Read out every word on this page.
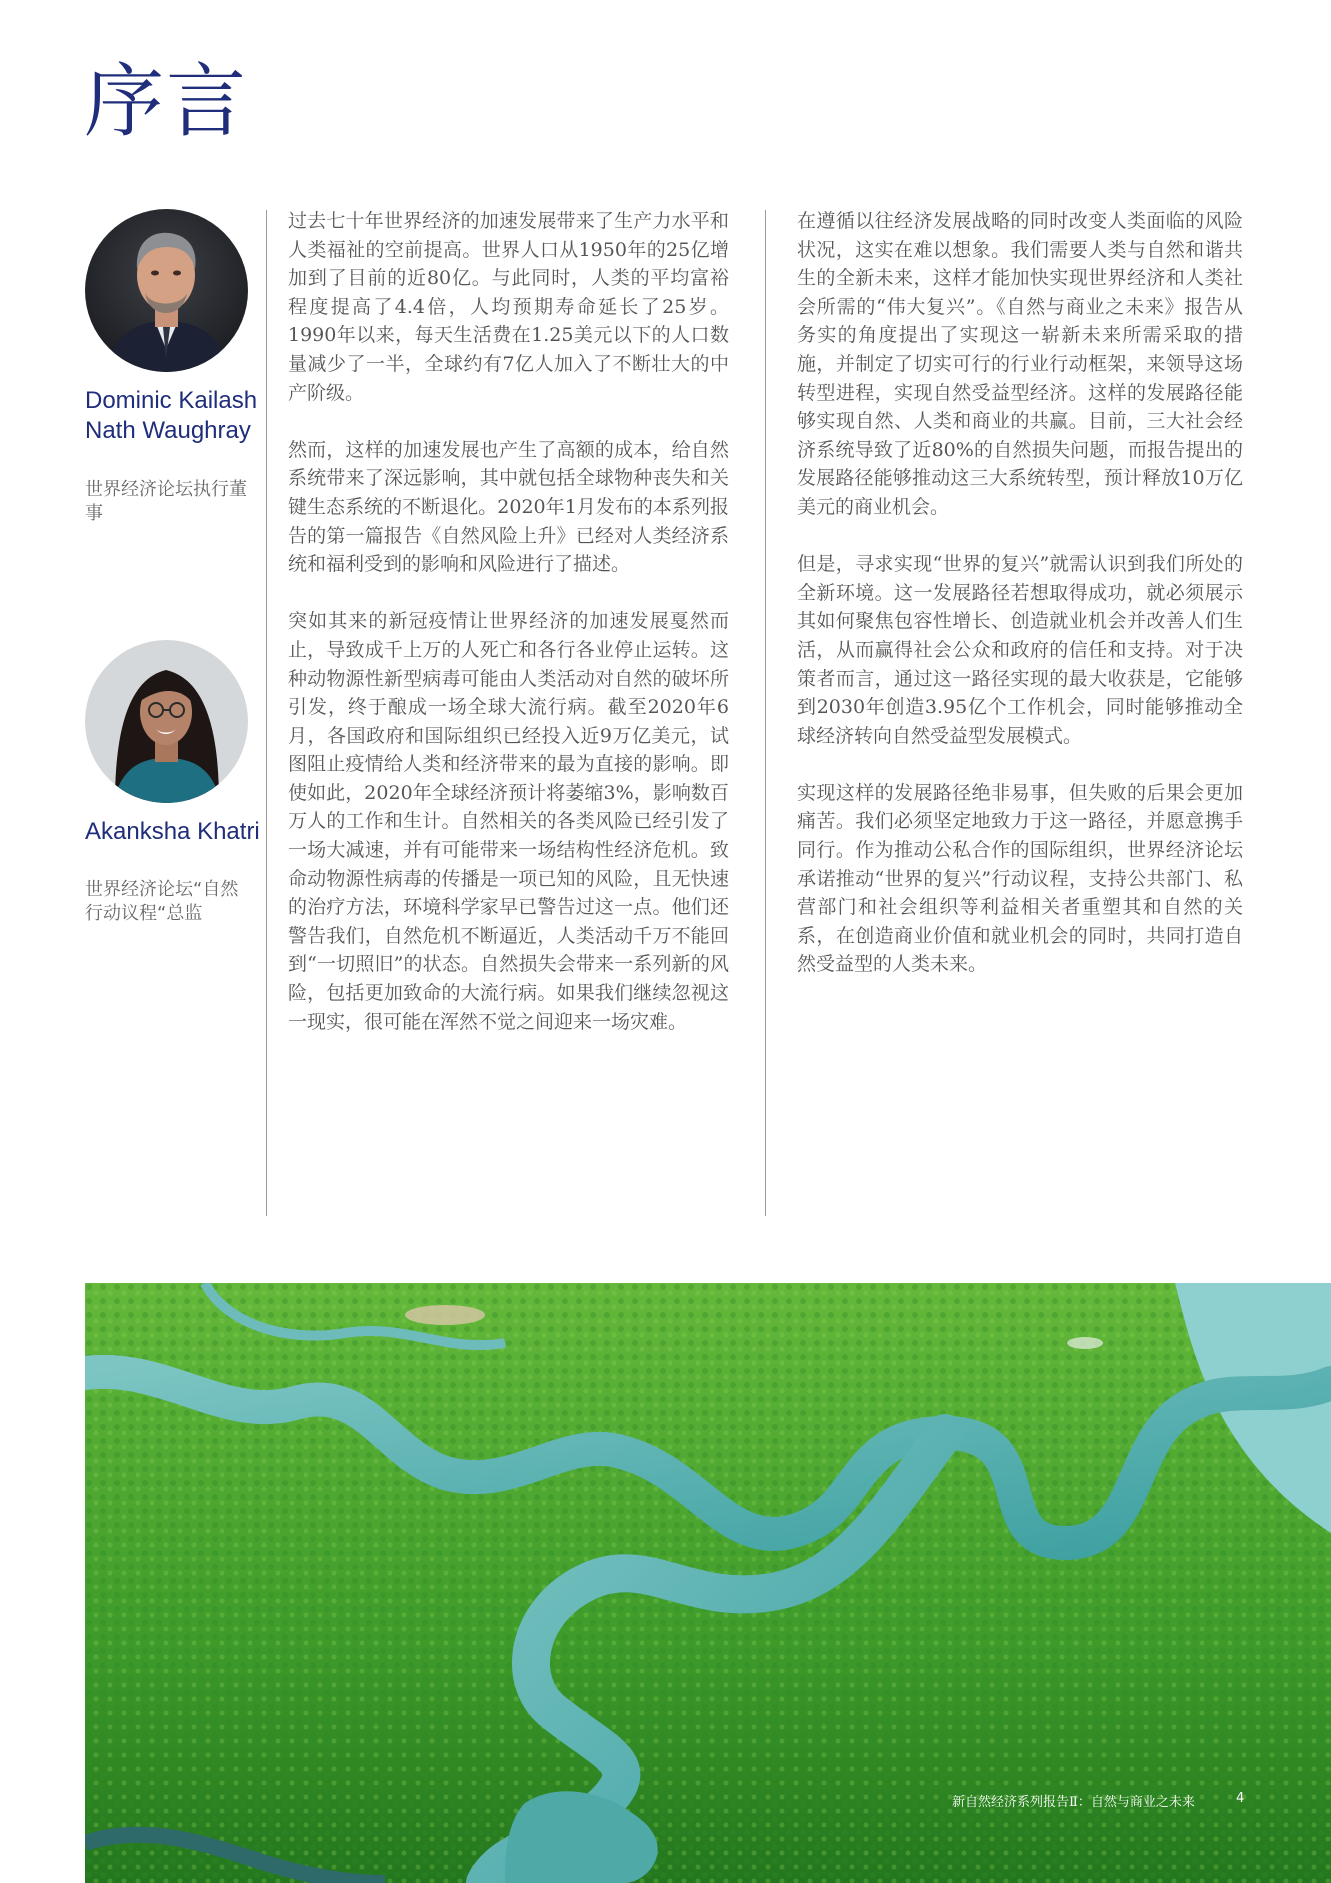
序言

Dominic Kailash Nath Waughray

世界经济论坛执行董事

Akanksha Khatri

世界经济论坛“自然行动议程“总监

过去七十年世界经济的加速发展带来了生产力水平和人类福祉的空前提高。世界人口从1950年的25亿增加到了目前的近80亿。与此同时，人类的平均富裕程度提高了4.4倍，人均预期寿命延长了25岁。1990年以来，每天生活费在1.25美元以下的人口数量减少了一半，全球约有7亿人加入了不断壮大的中产阶级。

然而，这样的加速发展也产生了高额的成本，给自然系统带来了深远影响，其中就包括全球物种丧失和关键生态系统的不断退化。2020年1月发布的本系列报告的第一篇报告《自然风险上升》已经对人类经济系统和福利受到的影响和风险进行了描述。

突如其来的新冠疫情让世界经济的加速发展戛然而止，导致成千上万的人死亡和各行各业停止运转。这种动物源性新型病毒可能由人类活动对自然的破坏所引发，终于酿成一场全球大流行病。截至2020年6月，各国政府和国际组织已经投入近9万亿美元，试图阻止疫情给人类和经济带来的最为直接的影响。即使如此，2020年全球经济预计将萎缩3%，影响数百万人的工作和生计。自然相关的各类风险已经引发了一场大减速，并有可能带来一场结构性经济危机。致命动物源性病毒的传播是一项已知的风险，且无快速的治疗方法，环境科学家早已警告过这一点。他们还警告我们，自然危机不断逼近，人类活动千万不能回到“一切照旧”的状态。自然损失会带来一系列新的风险，包括更加致命的大流行病。如果我们继续忽视这一现实，很可能在浑然不觉之间迎来一场灾难。

在遵循以往经济发展战略的同时改变人类面临的风险状况，这实在难以想象。我们需要人类与自然和谐共生的全新未来，这样才能加快实现世界经济和人类社会所需的“伟大复兴”。《自然与商业之未来》报告从务实的角度提出了实现这一崭新未来所需采取的措施，并制定了切实可行的行业行动框架，来领导这场转型进程，实现自然受益型经济。这样的发展路径能够实现自然、人类和商业的共赢。目前，三大社会经济系统导致了近80%的自然损失问题，而报告提出的发展路径能够推动这三大系统转型，预计释放10万亿美元的商业机会。

但是，寻求实现“世界的复兴”就需认识到我们所处的全新环境。这一发展路径若想取得成功，就必须展示其如何聚焦包容性增长、创造就业机会并改善人们生活，从而赢得社会公众和政府的信任和支持。对于决策者而言，通过这一路径实现的最大收获是，它能够到2030年创造3.95亿个工作机会，同时能够推动全球经济转向自然受益型发展模式。

实现这样的发展路径绝非易事，但失败的后果会更加痛苦。我们必须坚定地致力于这一路径，并愿意携手同行。作为推动公私合作的国际组织，世界经济论坛承诺推动“世界的复兴”行动议程，支持公共部门、私营部门和社会组织等利益相关者重塑其和自然的关系，在创造商业价值和就业机会的同时，共同打造自然受益型的人类未来。

新自然经济系列报告Ⅱ：自然与商业之未来	4
